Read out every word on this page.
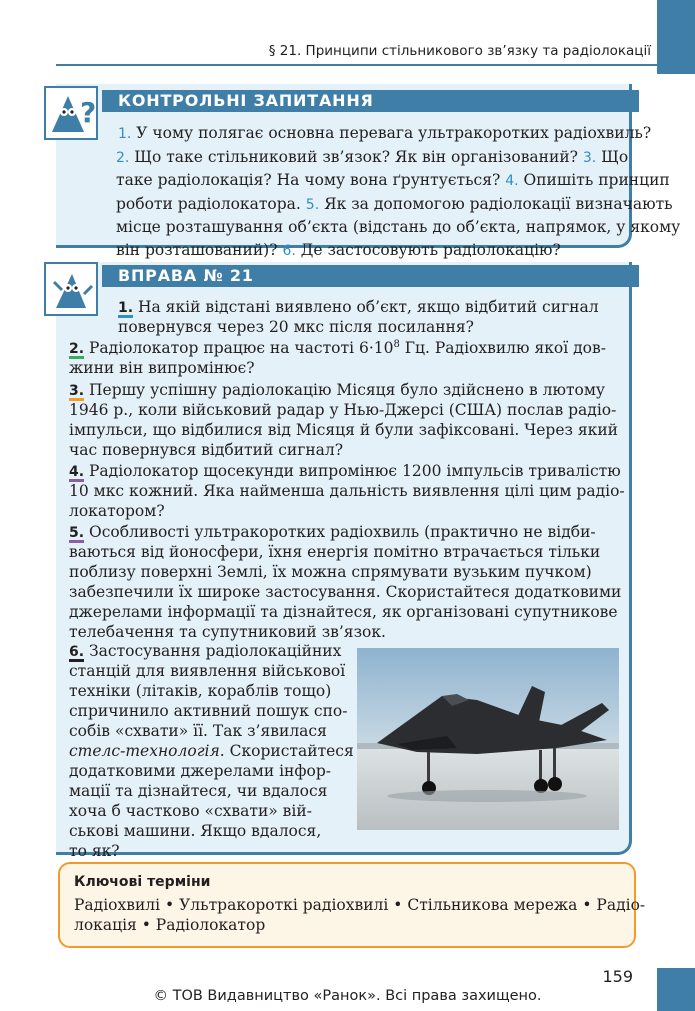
§ 21. Принципи стільникового зв’язку та радіолокації
КОНТРОЛЬНІ ЗАПИТАННЯ
?
1. У чому полягає основна перевага ультракоротких радіохвиль?
2. Що таке стільниковий зв’язок? Як він організований? 3. Що
таке радіолокація? На чому вона ґрунтується? 4. Опишіть принцип
роботи радіолокатора. 5. Як за допомогою радіолокації визначають
місце розташування об’єкта (відстань до об’єкта, напрямок, у якому
він розташований)? 6. Де застосовують радіолокацію?
ВПРАВА № 21
1. На якій відстані виявлено об’єкт, якщо відбитий сигнал
повернувся через 20 мкс після посилання?
2. Радіолокатор працює на частоті $6\cdot 10^8$ Гц. Радіохвилю якої дов-
жини він випромінює?
3. Першу успішну радіолокацію Місяця було здійснено в лютому
1946 р., коли військовий радар у Нью-Джерсі (США) послав радіо-
імпульси, що відбилися від Місяця й були зафіксовані. Через який
час повернувся відбитий сигнал?
4. Радіолокатор щосекунди випромінює 1200 імпульсів тривалістю
10 мкс кожний. Яка найменша дальність виявлення цілі цим радіо-
локатором?
5. Особливості ультракоротких радіохвиль (практично не відби-
ваються від йоносфери, їхня енергія помітно втрачається тільки
поблизу поверхні Землі, їх можна спрямувати вузьким пучком)
забезпечили їх широке застосування. Скористайтеся додатковими
джерелами інформації та дізнайтеся, як організовані супутникове
телебачення та супутниковий зв’язок.
6. Застосування радіолокаційних
станцій для виявлення військової
техніки (літаків, кораблів тощо)
спричинило активний пошук спо-
собів «схвати» її. Так з’явилася
стелс-технологія. Скористайтеся
додатковими джерелами інфор-
мації та дізнайтеся, чи вдалося
хоча б частково «схвати» вій-
ськові машини. Якщо вдалося,
то як?
Ключові терміни
Радіохвилі • Ультракороткі радіохвилі • Стільникова мережа • Радіо-
локація • Радіолокатор
159
© ТОВ Видавництво «Ранок». Всі права захищено.
